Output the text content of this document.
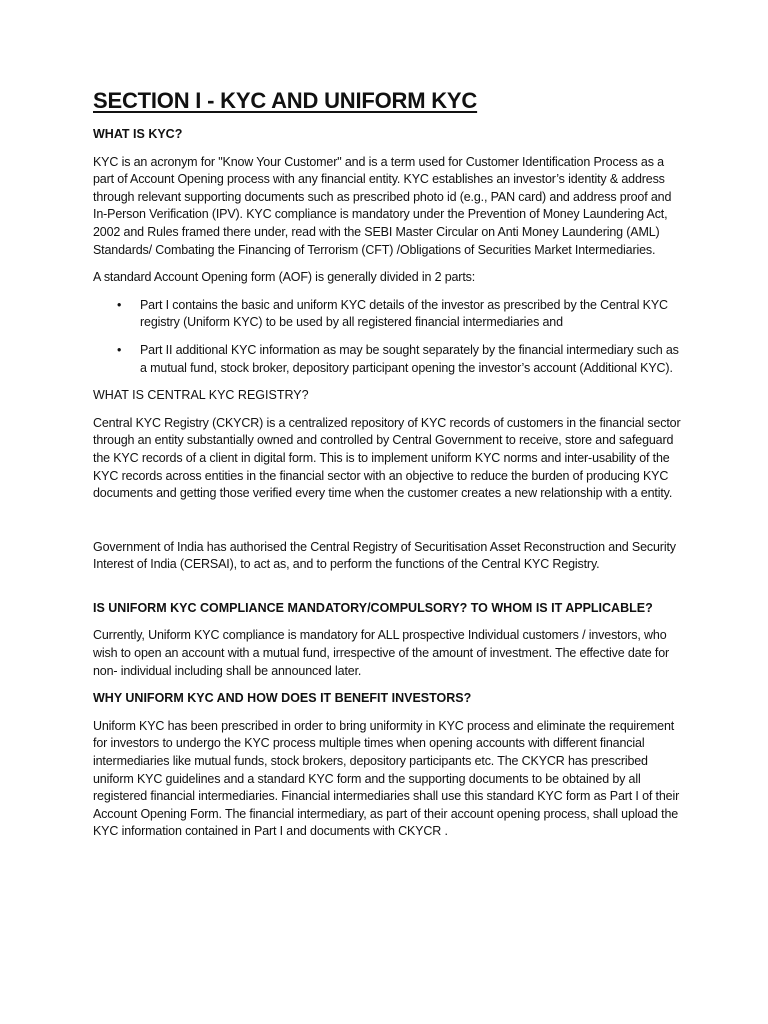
SECTION I - KYC AND UNIFORM KYC
WHAT IS KYC?

KYC is an acronym for "Know Your Customer" and is a term used for Customer Identification Process as a part of Account Opening process with any financial entity. KYC establishes an investor’s identity & address through relevant supporting documents such as prescribed photo id (e.g., PAN card) and address proof and In-Person Verification (IPV). KYC compliance is mandatory under the Prevention of Money Laundering Act, 2002 and Rules framed there under, read with the SEBI Master Circular on Anti Money Laundering (AML) Standards/ Combating the Financing of Terrorism (CFT) /Obligations of Securities Market Intermediaries.

A standard Account Opening form (AOF) is generally divided in 2 parts:

• Part I contains the basic and uniform KYC details of the investor as prescribed by the Central KYC registry (Uniform KYC) to be used by all registered financial intermediaries and
• Part II additional KYC information as may be sought separately by the financial intermediary such as a mutual fund, stock broker, depository participant opening the investor’s account (Additional KYC).
WHAT IS CENTRAL KYC REGISTRY?

Central KYC Registry (CKYCR) is a centralized repository of KYC records of customers in the financial sector through an entity substantially owned and controlled by Central Government to receive, store and safeguard the KYC records of a client in digital form. This is to implement uniform KYC norms and inter-usability of the KYC records across entities in the financial sector with an objective to reduce the burden of producing KYC documents and getting those verified every time when the customer creates a new relationship with a entity.

Government of India has authorised the Central Registry of Securitisation Asset Reconstruction and Security Interest of India (CERSAI), to act as, and to perform the functions of the Central KYC Registry.

IS UNIFORM KYC COMPLIANCE MANDATORY/COMPULSORY? TO WHOM IS IT APPLICABLE?

Currently, Uniform KYC compliance is mandatory for ALL prospective Individual customers / investors, who wish to open an account with a mutual fund, irrespective of the amount of investment. The effective date for non- individual including shall be announced later.

WHY UNIFORM KYC AND HOW DOES IT BENEFIT INVESTORS?

Uniform KYC has been prescribed in order to bring uniformity in KYC process and eliminate the requirement for investors to undergo the KYC process multiple times when opening accounts with different financial intermediaries like mutual funds, stock brokers, depository participants etc. The CKYCR has prescribed uniform KYC guidelines and a standard KYC form and the supporting documents to be obtained by all registered financial intermediaries. Financial intermediaries shall use this standard KYC form as Part I of their Account Opening Form. The financial intermediary, as part of their account opening process, shall upload the KYC information contained in Part I and documents with CKYCR .
